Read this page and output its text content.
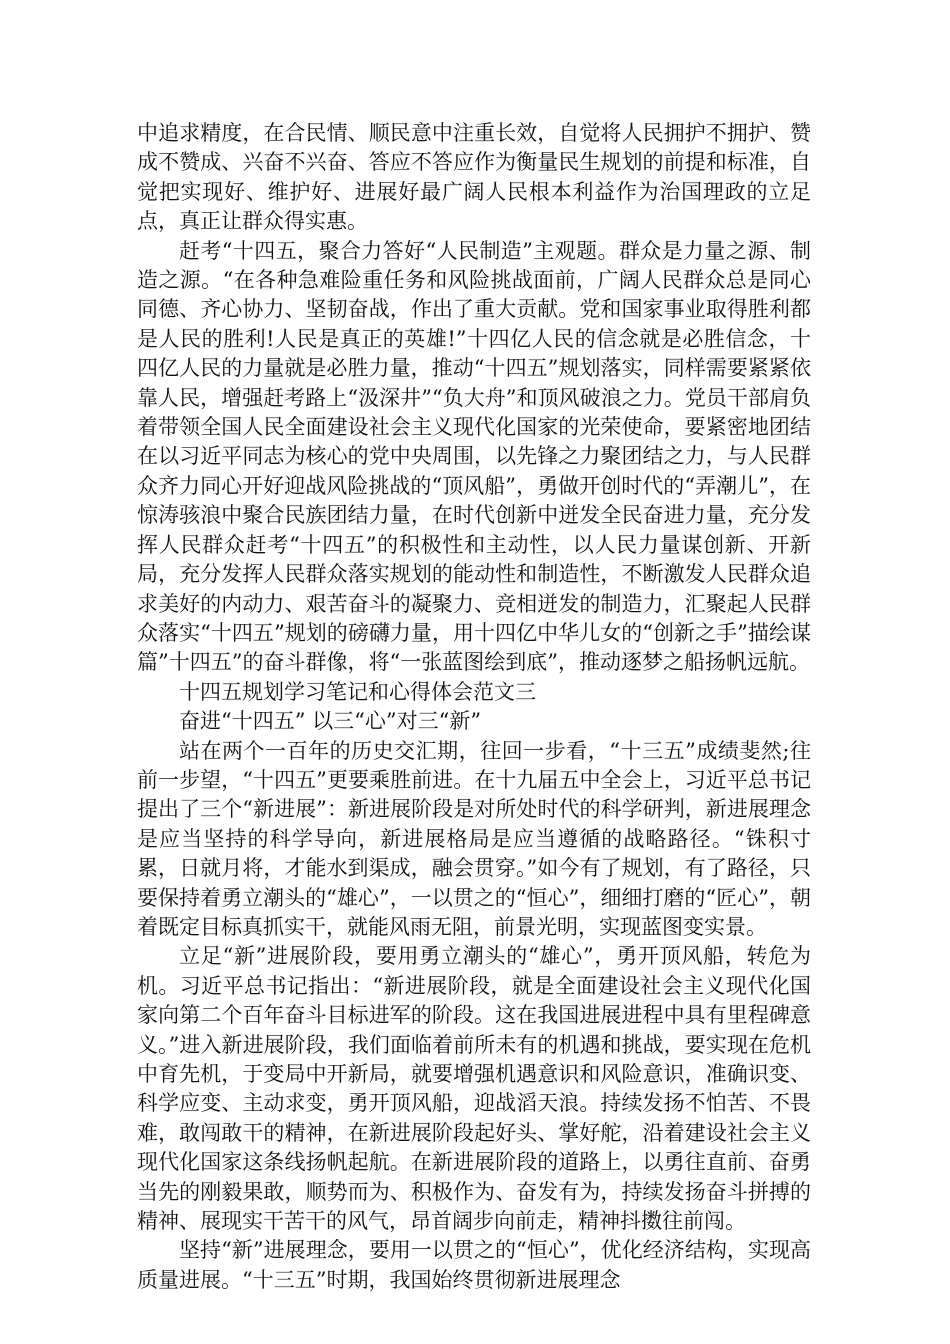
中追求精度，在合民情、顺民意中注重长效，自觉将人民拥护不拥护、赞成不赞成、兴奋不兴奋、答应不答应作为衡量民生规划的前提和标准，自觉把实现好、维护好、进展好最广阔人民根本利益作为治国理政的立足点，真正让群众得实惠。

赶考“十四五，聚合力答好“人民制造”主观题。群众是力量之源、制造之源。“在各种急难险重任务和风险挑战面前，广阔人民群众总是同心同德、齐心协力、坚韧奋战，作出了重大贡献。党和国家事业取得胜利都是人民的胜利!人民是真正的英雄!”十四亿人民的信念就是必胜信念，十四亿人民的力量就是必胜力量，推动“十四五”规划落实，同样需要紧紧依靠人民，增强赶考路上“汲深井”“负大舟”和顶风破浪之力。党员干部肩负着带领全国人民全面建设社会主义现代化国家的光荣使命，要紧密地团结在以习近平同志为核心的党中央周围，以先锋之力聚团结之力，与人民群众齐力同心开好迎战风险挑战的“顶风船”，勇做开创时代的“弄潮儿”，在惊涛骇浪中聚合民族团结力量，在时代创新中迸发全民奋进力量，充分发挥人民群众赶考“十四五”的积极性和主动性，以人民力量谋创新、开新局，充分发挥人民群众落实规划的能动性和制造性，不断激发人民群众追求美好的内动力、艰苦奋斗的凝聚力、竞相迸发的制造力，汇聚起人民群众落实“十四五”规划的磅礴力量，用十四亿中华儿女的“创新之手”描绘谋篇”十四五”的奋斗群像，将“一张蓝图绘到底”，推动逐梦之船扬帆远航。

十四五规划学习笔记和心得体会范文三

奋进“十四五” 以三“心”对三“新”

站在两个一百年的历史交汇期，往回一步看，“十三五”成绩斐然;往前一步望，“十四五”更要乘胜前进。在十九届五中全会上，习近平总书记提出了三个“新进展”：新进展阶段是对所处时代的科学研判，新进展理念是应当坚持的科学导向，新进展格局是应当遵循的战略路径。“铢积寸累，日就月将，才能水到渠成，融会贯穿。”如今有了规划，有了路径，只要保持着勇立潮头的“雄心”，一以贯之的“恒心”，细细打磨的“匠心”，朝着既定目标真抓实干，就能风雨无阻，前景光明，实现蓝图变实景。

立足“新”进展阶段，要用勇立潮头的“雄心”，勇开顶风船，转危为机。习近平总书记指出：“新进展阶段，就是全面建设社会主义现代化国家向第二个百年奋斗目标进军的阶段。这在我国进展进程中具有里程碑意义。”进入新进展阶段，我们面临着前所未有的机遇和挑战，要实现在危机中育先机，于变局中开新局，就要增强机遇意识和风险意识，准确识变、科学应变、主动求变，勇开顶风船，迎战滔天浪。持续发扬不怕苦、不畏难，敢闯敢干的精神，在新进展阶段起好头、掌好舵，沿着建设社会主义现代化国家这条线扬帆起航。在新进展阶段的道路上，以勇往直前、奋勇当先的刚毅果敢，顺势而为、积极作为、奋发有为，持续发扬奋斗拼搏的精神、展现实干苦干的风气，昂首阔步向前走，精神抖擞往前闯。

坚持“新”进展理念，要用一以贯之的“恒心”，优化经济结构，实现高质量进展。“十三五”时期，我国始终贯彻新进展理念
